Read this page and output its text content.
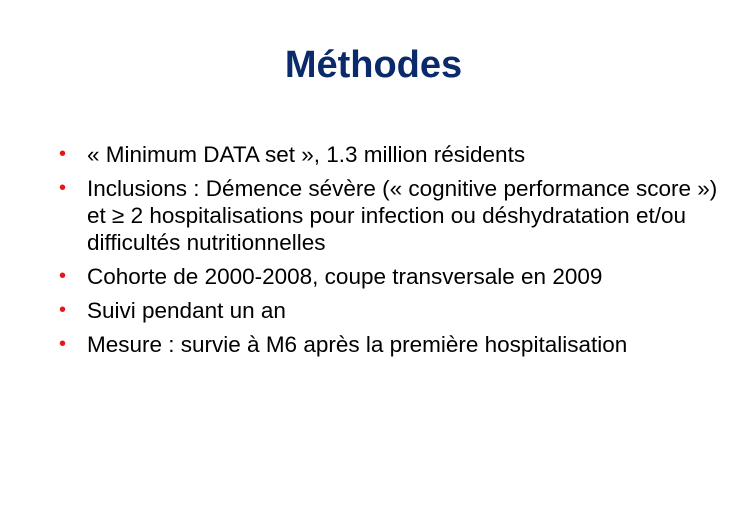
Méthodes
• « Minimum DATA set », 1.3 million résidents
• Inclusions : Démence sévère (« cognitive performance score ») et ≥ 2 hospitalisations pour infection ou déshydratation et/ou difficultés nutritionnelles
• Cohorte de 2000-2008, coupe transversale en 2009
• Suivi pendant un an
• Mesure : survie à M6 après la première hospitalisation
